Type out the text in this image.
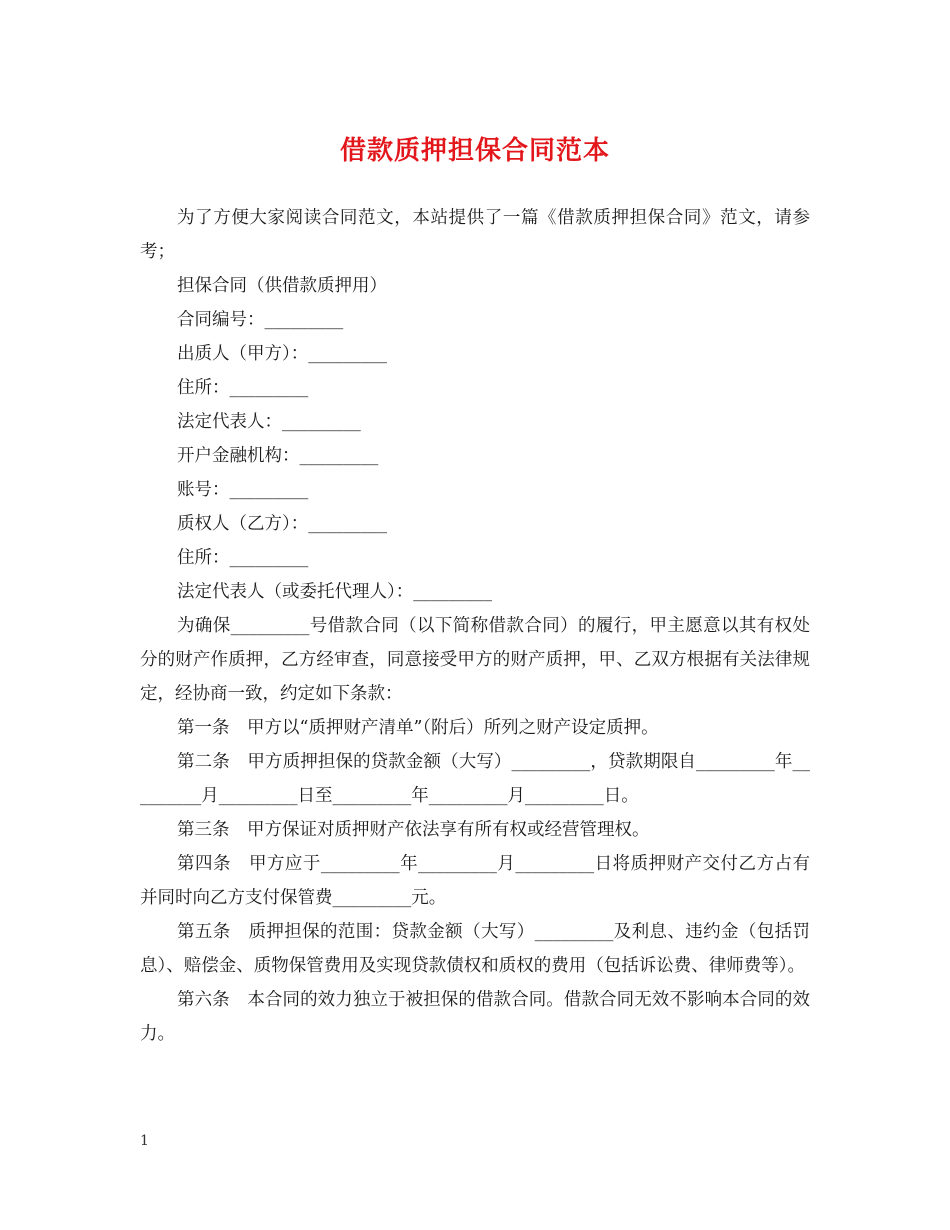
借款质押担保合同范本

为了方便大家阅读合同范文，本站提供了一篇《借款质押担保合同》范文，请参考；

担保合同（供借款质押用）

合同编号：_________

出质人（甲方）：_________

住所：_________

法定代表人：_________

开户金融机构：_________

账号：_________

质权人（乙方）：_________

住所：_________

法定代表人（或委托代理人）：_________

为确保_________号借款合同（以下简称借款合同）的履行，甲主愿意以其有权处分的财产作质押，乙方经审查，同意接受甲方的财产质押，甲、乙双方根据有关法律规定，经协商一致，约定如下条款：

第一条　甲方以“质押财产清单”（附后）所列之财产设定质押。

第二条　甲方质押担保的贷款金额（大写）_________，贷款期限自_________年_________月_________日至_________年_________月_________日。

第三条　甲方保证对质押财产依法享有所有权或经营管理权。

第四条　甲方应于_________年_________月_________日将质押财产交付乙方占有并同时向乙方支付保管费_________元。

第五条　质押担保的范围：贷款金额（大写）_________及利息、违约金（包括罚息）、赔偿金、质物保管费用及实现贷款债权和质权的费用（包括诉讼费、律师费等）。

第六条　本合同的效力独立于被担保的借款合同。借款合同无效不影响本合同的效力。

1
